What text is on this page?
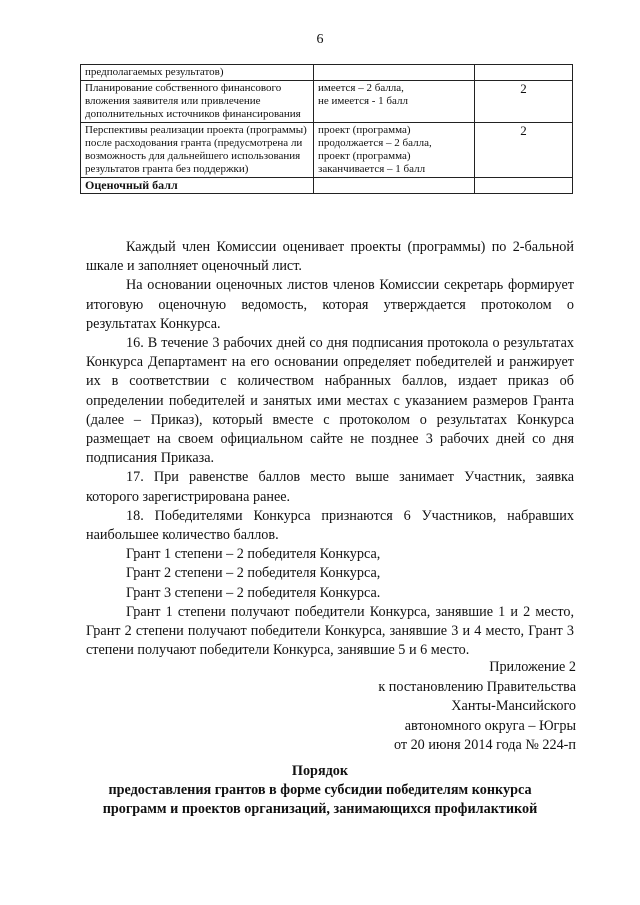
6
предполагаемых результатов)		
Планирование собственного финансового вложения заявителя или привлечение дополнительных источников финансирования	имеется – 2 балла,
не имеется - 1 балл	2
Перспективы реализации проекта (программы) после расходования гранта (предусмотрена ли возможность для дальнейшего использования результатов гранта без поддержки)	проект (программа)
продолжается – 2 балла,
проект (программа)
заканчивается – 1 балл	2
Оценочный балл		

Каждый член Комиссии оценивает проекты (программы) по 2-бальной шкале и заполняет оценочный лист.

На основании оценочных листов членов Комиссии секретарь формирует итоговую оценочную ведомость, которая утверждается протоколом о результатах Конкурса.

16. В течение 3 рабочих дней со дня подписания протокола о результатах Конкурса Департамент на его основании определяет победителей и ранжирует их в соответствии с количеством набранных баллов, издает приказ об определении победителей и занятых ими местах с указанием размеров Гранта (далее – Приказ), который вместе с протоколом о результатах Конкурса размещает на своем официальном сайте не позднее 3 рабочих дней со дня подписания Приказа.

17. При равенстве баллов место выше занимает Участник, заявка которого зарегистрирована ранее.

18. Победителями Конкурса признаются 6 Участников, набравших наибольшее количество баллов.

Грант 1 степени – 2 победителя Конкурса,
Грант 2 степени – 2 победителя Конкурса,
Грант 3 степени – 2 победителя Конкурса.

Грант 1 степени получают победители Конкурса, занявшие 1 и 2 место, Грант 2 степени получают победители Конкурса, занявшие 3 и 4 место, Грант 3 степени получают победители Конкурса, занявшие 5 и 6 место.

Приложение 2
к постановлению Правительства
Ханты-Мансийского
автономного округа – Югры
от 20 июня 2014 года № 224-п
Порядок
предоставления грантов в форме субсидии победителям конкурса
программ и проектов организаций, занимающихся профилактикой
